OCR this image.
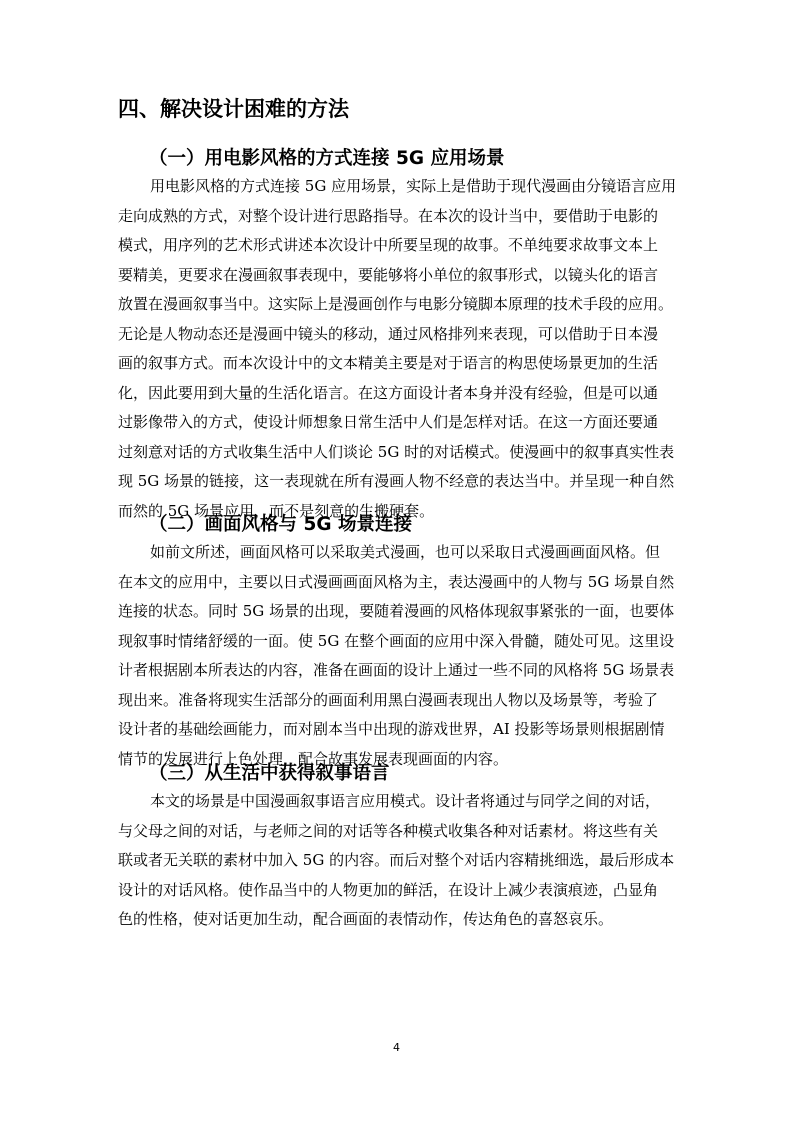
四、解决设计困难的方法
（一）用电影风格的方式连接 5G 应用场景
用电影风格的方式连接 5G 应用场景，实际上是借助于现代漫画由分镜语言应用
走向成熟的方式，对整个设计进行思路指导。在本次的设计当中，要借助于电影的
模式，用序列的艺术形式讲述本次设计中所要呈现的故事。不单纯要求故事文本上
要精美，更要求在漫画叙事表现中，要能够将小单位的叙事形式，以镜头化的语言
放置在漫画叙事当中。这实际上是漫画创作与电影分镜脚本原理的技术手段的应用。
无论是人物动态还是漫画中镜头的移动，通过风格排列来表现，可以借助于日本漫
画的叙事方式。而本次设计中的文本精美主要是对于语言的构思使场景更加的生活
化，因此要用到大量的生活化语言。在这方面设计者本身并没有经验，但是可以通
过影像带入的方式，使设计师想象日常生活中人们是怎样对话。在这一方面还要通
过刻意对话的方式收集生活中人们谈论 5G 时的对话模式。使漫画中的叙事真实性表
现 5G 场景的链接，这一表现就在所有漫画人物不经意的表达当中。并呈现一种自然
而然的 5G 场景应用，而不是刻意的生搬硬套。
（二）画面风格与 5G 场景连接
如前文所述，画面风格可以采取美式漫画，也可以采取日式漫画画面风格。但
在本文的应用中，主要以日式漫画画面风格为主，表达漫画中的人物与 5G 场景自然
连接的状态。同时 5G 场景的出现，要随着漫画的风格体现叙事紧张的一面，也要体
现叙事时情绪舒缓的一面。使 5G 在整个画面的应用中深入骨髓，随处可见。这里设
计者根据剧本所表达的内容，准备在画面的设计上通过一些不同的风格将 5G 场景表
现出来。准备将现实生活部分的画面利用黑白漫画表现出人物以及场景等，考验了
设计者的基础绘画能力，而对剧本当中出现的游戏世界，AI 投影等场景则根据剧情
情节的发展进行上色处理，配合故事发展表现画面的内容。
（三）从生活中获得叙事语言
本文的场景是中国漫画叙事语言应用模式。设计者将通过与同学之间的对话，
与父母之间的对话，与老师之间的对话等各种模式收集各种对话素材。将这些有关
联或者无关联的素材中加入 5G 的内容。而后对整个对话内容精挑细选，最后形成本
设计的对话风格。使作品当中的人物更加的鲜活，在设计上减少表演痕迹，凸显角
色的性格，使对话更加生动，配合画面的表情动作，传达角色的喜怒哀乐。
4
